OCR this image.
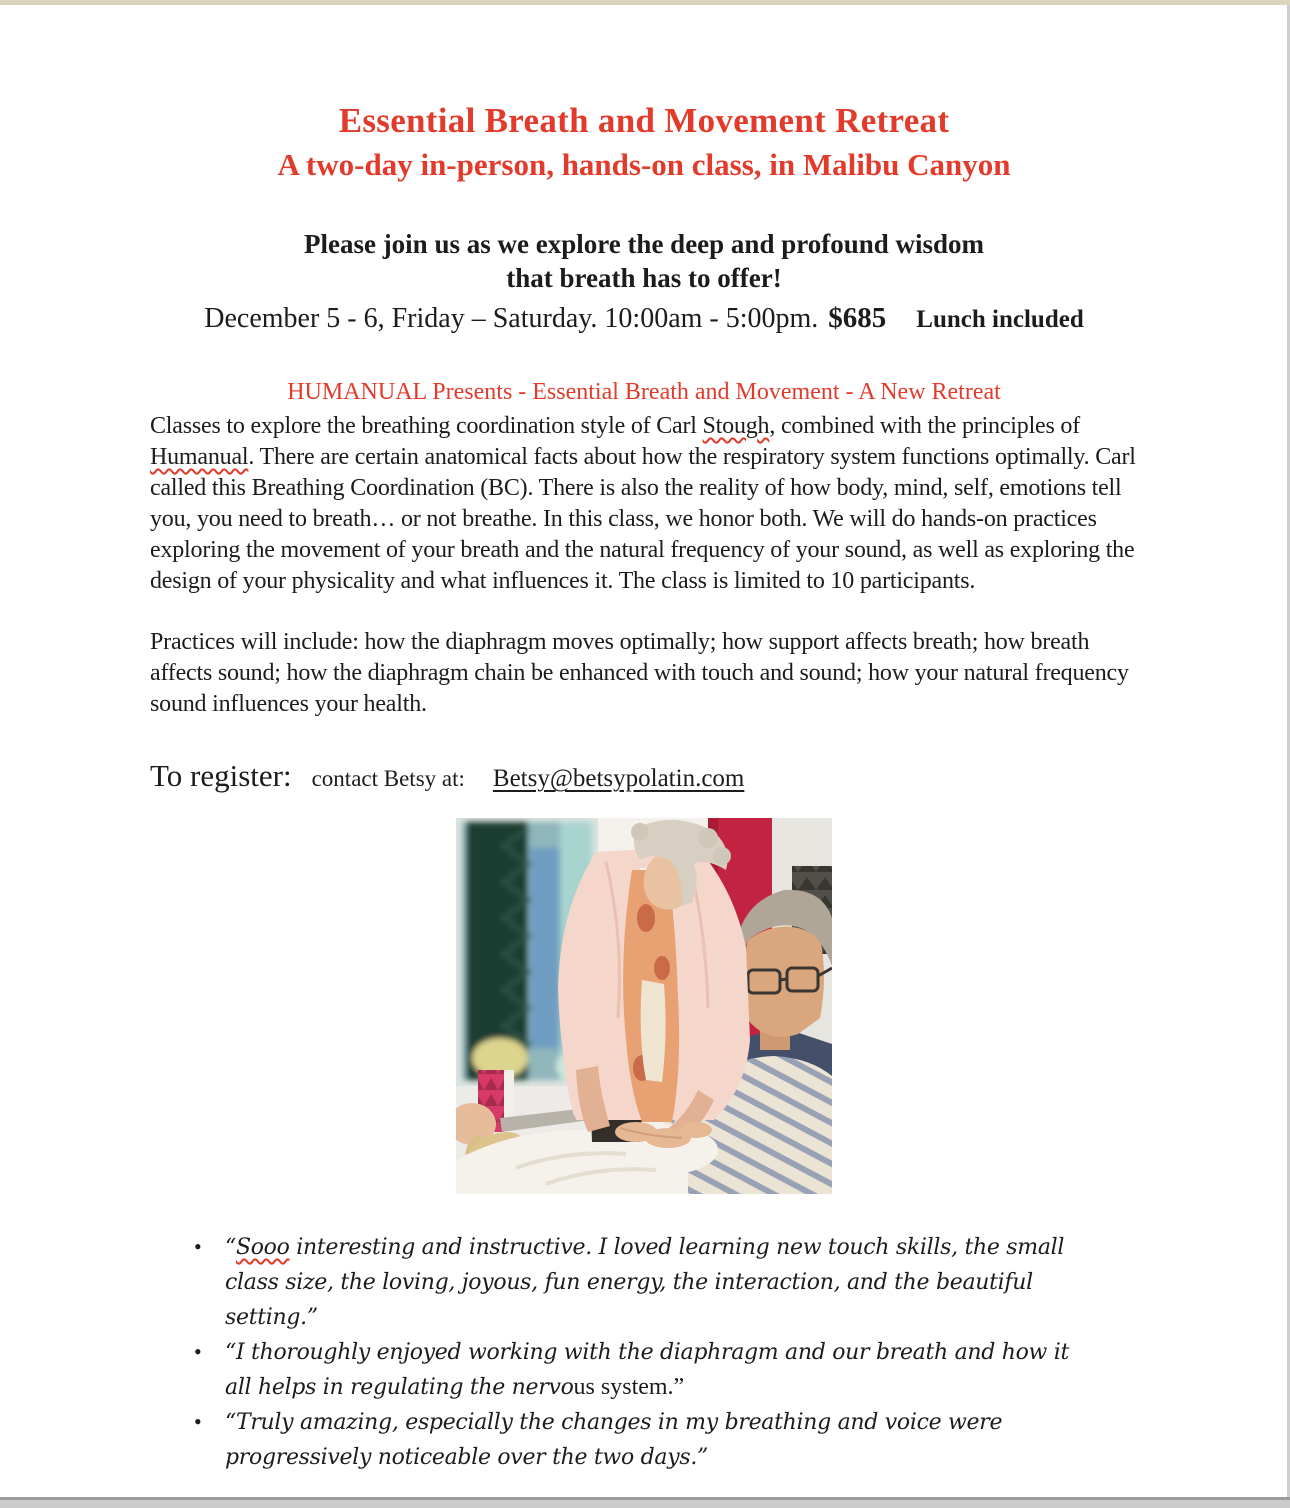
Essential Breath and Movement Retreat
A two-day in-person, hands-on class, in Malibu Canyon

Please join us as we explore the deep and profound wisdom
that breath has to offer!

December 5 - 6, Friday – Saturday. 10:00am - 5:00pm. $685 Lunch included

HUMANUAL Presents - Essential Breath and Movement - A New Retreat

Classes to explore the breathing coordination style of Carl Stough, combined with the principles of Humanual. There are certain anatomical facts about how the respiratory system functions optimally. Carl called this Breathing Coordination (BC). There is also the reality of how body, mind, self, emotions tell you, you need to breath… or not breathe. In this class, we honor both. We will do hands-on practices exploring the movement of your breath and the natural frequency of your sound, as well as exploring the design of your physicality and what influences it. The class is limited to 10 participants.

Practices will include: how the diaphragm moves optimally; how support affects breath; how breath affects sound; how the diaphragm chain be enhanced with touch and sound; how your natural frequency sound influences your health.

To register: contact Betsy at: Betsy@betsypolatin.com
• “Sooo interesting and instructive. I loved learning new touch skills, the small class size, the loving, joyous, fun energy, the interaction, and the beautiful setting.”
• “I thoroughly enjoyed working with the diaphragm and our breath and how it all helps in regulating the nervous system.”
• “Truly amazing, especially the changes in my breathing and voice were progressively noticeable over the two days.”
